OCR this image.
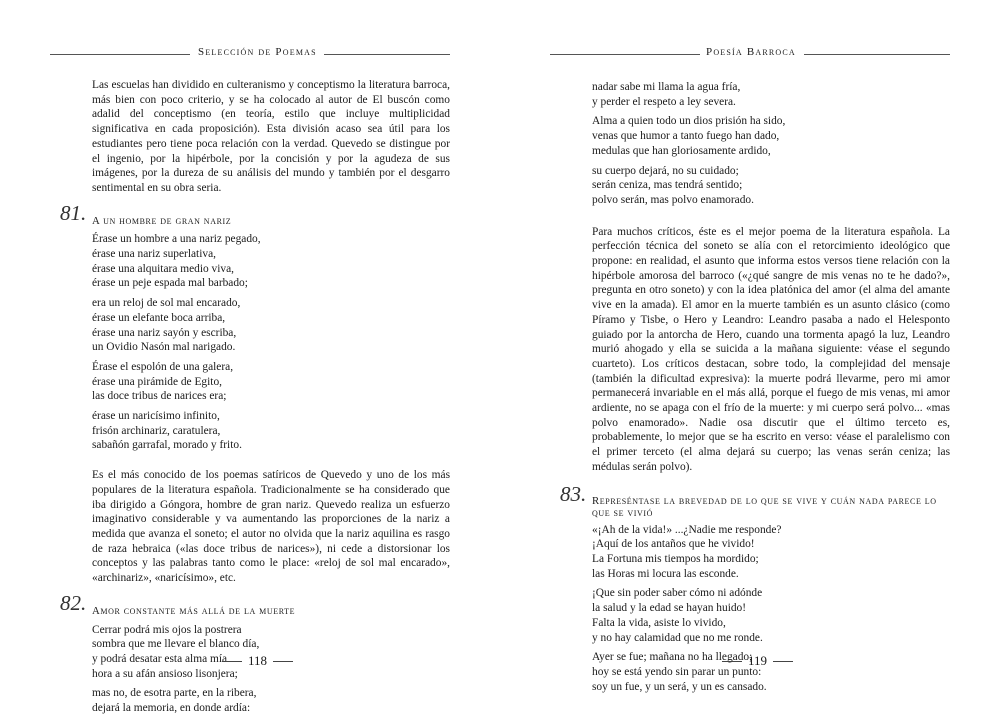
Selección de Poemas

Las escuelas han dividido en culteranismo y conceptismo la literatura barroca, más bien con poco criterio, y se ha colocado al autor de El buscón como adalid del conceptismo (en teoría, estilo que incluye multiplicidad significativa en cada proposición). Esta división acaso sea útil para los estudiantes pero tiene poca relación con la verdad. Quevedo se distingue por el ingenio, por la hipérbole, por la concisión y por la agudeza de sus imágenes, por la dureza de su análisis del mundo y también por el desgarro sentimental en su obra seria.

81. A un hombre de gran nariz
Érase un hombre a una nariz pegado,
érase una nariz superlativa,
érase una alquitara medio viva,
érase un peje espada mal barbado;
era un reloj de sol mal encarado,
érase un elefante boca arriba,
érase una nariz sayón y escriba,
un Ovidio Nasón mal narigado.
Érase el espolón de una galera,
érase una pirámide de Egito,
las doce tribus de narices era;
érase un naricísimo infinito,
frisón archinariz, caratulera,
sabañón garrafal, morado y frito.

Es el más conocido de los poemas satíricos de Quevedo y uno de los más populares de la literatura española. Tradicionalmente se ha considerado que iba dirigido a Góngora, hombre de gran nariz. Quevedo realiza un esfuerzo imaginativo considerable y va aumentando las proporciones de la nariz a medida que avanza el soneto; el autor no olvida que la nariz aquilina es rasgo de raza hebraica («las doce tribus de narices»), ni cede a distorsionar los conceptos y las palabras tanto como le place: «reloj de sol mal encarado», «archinariz», «naricísimo», etc.

82. Amor constante más allá de la muerte
Cerrar podrá mis ojos la postrera
sombra que me llevare el blanco día,
y podrá desatar esta alma mía
hora a su afán ansioso lisonjera;
mas no, de esotra parte, en la ribera,
dejará la memoria, en donde ardía:
118
Poesía Barroca
nadar sabe mi llama la agua fría,
y perder el respeto a ley severa.
Alma a quien todo un dios prisión ha sido,
venas que humor a tanto fuego han dado,
medulas que han gloriosamente ardido,
su cuerpo dejará, no su cuidado;
serán ceniza, mas tendrá sentido;
polvo serán, mas polvo enamorado.

Para muchos críticos, éste es el mejor poema de la literatura española. La perfección técnica del soneto se alía con el retorcimiento ideológico que propone: en realidad, el asunto que informa estos versos tiene relación con la hipérbole amorosa del barroco («¿qué sangre de mis venas no te he dado?», pregunta en otro soneto) y con la idea platónica del amor (el alma del amante vive en la amada). El amor en la muerte también es un asunto clásico (como Píramo y Tisbe, o Hero y Leandro: Leandro pasaba a nado el Helesponto guiado por la antorcha de Hero, cuando una tormenta apagó la luz, Leandro murió ahogado y ella se suicida a la mañana siguiente: véase el segundo cuarteto). Los críticos destacan, sobre todo, la complejidad del mensaje (también la dificultad expresiva): la muerte podrá llevarme, pero mi amor permanecerá invariable en el más allá, porque el fuego de mis venas, mi amor ardiente, no se apaga con el frío de la muerte: y mi cuerpo será polvo... «mas polvo enamorado». Nadie osa discutir que el último terceto es, probablemente, lo mejor que se ha escrito en verso: véase el paralelismo con el primer terceto (el alma dejará su cuerpo; las venas serán ceniza; las médulas serán polvo).

83. Represéntase la brevedad de lo que se vive y cuán nada parece lo que se vivió
«¡Ah de la vida!» ...¿Nadie me responde?
¡Aquí de los antaños que he vivido!
La Fortuna mis tiempos ha mordido;
las Horas mi locura las esconde.
¡Que sin poder saber cómo ni adónde
la salud y la edad se hayan huido!
Falta la vida, asiste lo vivido,
y no hay calamidad que no me ronde.
Ayer se fue; mañana no ha llegado;
hoy se está yendo sin parar un punto:
soy un fue, y un será, y un es cansado.
119
